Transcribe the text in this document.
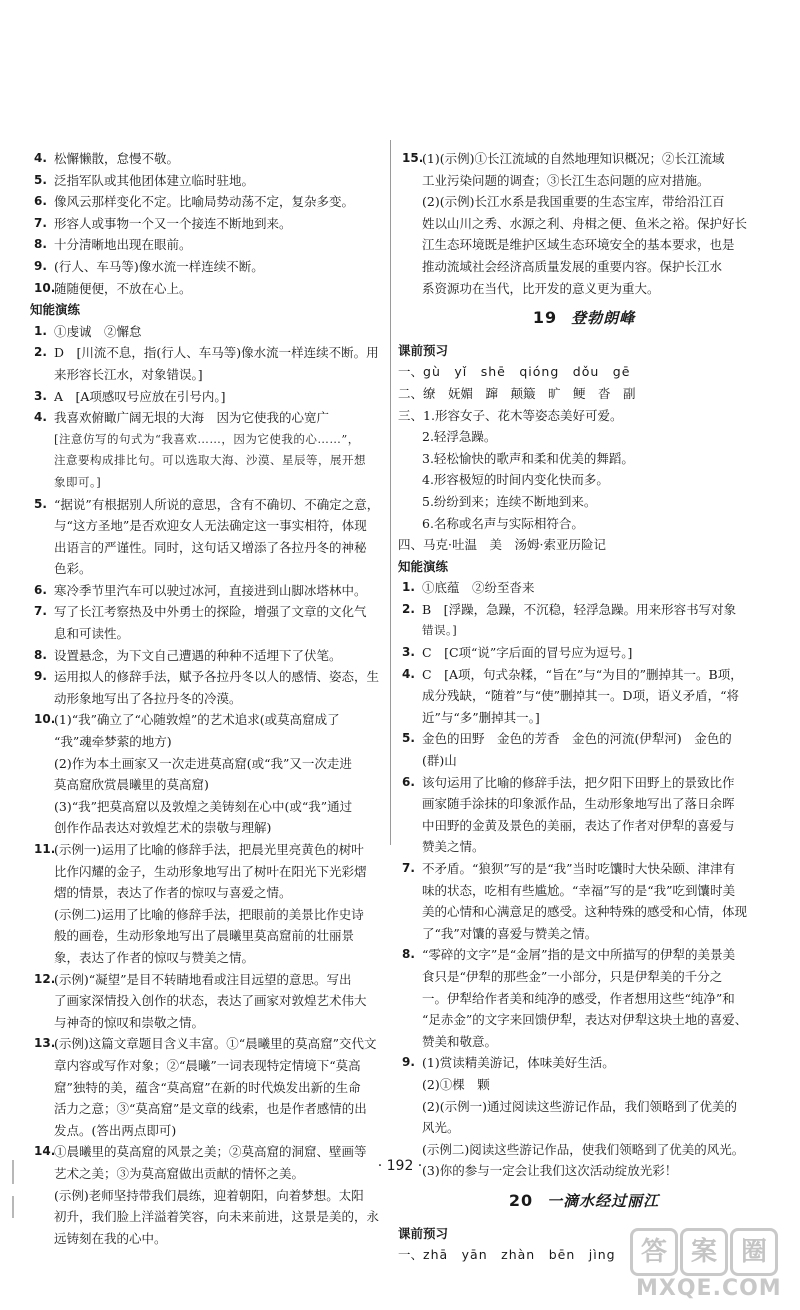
4. 松懈懒散，怠慢不敬。

5. 泛指军队或其他团体建立临时驻地。

6. 像风云那样变化不定。比喻局势动荡不定，复杂多变。

7. 形容人或事物一个又一个接连不断地到来。

8. 十分清晰地出现在眼前。

9. (行人、车马等)像水流一样连续不断。

10.

随随便便，不放在心上。

知能演练

1. ①虔诚　②懈怠

2. D　[川流不息，指(行人、车马等)像水流一样连续不断。用

来形容长江水，对象错误。]

3. A　[A项感叹号应放在引号内。]

4. 我喜欢俯瞰广阔无垠的大海　因为它使我的心宽广

[注意仿写的句式为“我喜欢……，因为它使我的心……”，

注意要构成排比句。可以选取大海、沙漠、星辰等，展开想

象即可。]

5. “据说”有根据别人所说的意思，含有不确切、不确定之意，

与“这方圣地”是否欢迎女人无法确定这一事实相符，体现

出语言的严谨性。同时，这句话又增添了各拉丹冬的神秘

色彩。

6. 寒冷季节里汽车可以驶过冰河，直接进到山脚冰塔林中。

7. 写了长江考察热及中外勇士的探险，增强了文章的文化气

息和可读性。

8. 设置悬念，为下文自己遭遇的种种不适埋下了伏笔。

9. 运用拟人的修辞手法，赋予各拉丹冬以人的感情、姿态，生

动形象地写出了各拉丹冬的冷漠。

10.

(1)“我”确立了“心随敦煌”的艺术追求(或莫高窟成了

“我”魂牵梦萦的地方)

(2)作为本土画家又一次走进莫高窟(或“我”又一次走进

莫高窟欣赏晨曦里的莫高窟)

(3)“我”把莫高窟以及敦煌之美铸刻在心中(或“我”通过

创作作品表达对敦煌艺术的崇敬与理解)

11.

(示例一)运用了比喻的修辞手法，把晨光里亮黄色的树叶

比作闪耀的金子，生动形象地写出了树叶在阳光下光彩熠

熠的情景，表达了作者的惊叹与喜爱之情。

(示例二)运用了比喻的修辞手法，把眼前的美景比作史诗

般的画卷，生动形象地写出了晨曦里莫高窟前的壮丽景

象，表达了作者的惊叹与赞美之情。

12.

(示例)“凝望”是目不转睛地看或注目远望的意思。写出

了画家深情投入创作的状态，表达了画家对敦煌艺术伟大

与神奇的惊叹和崇敬之情。

13.

(示例)这篇文章题目含义丰富。①“晨曦里的莫高窟”交代文

章内容或写作对象；②“晨曦”一词表现特定情境下“莫高

窟”独特的美，蕴含“莫高窟”在新的时代焕发出新的生命

活力之意；③“莫高窟”是文章的线索，也是作者感情的出

发点。(答出两点即可)

14.

①晨曦里的莫高窟的风景之美；②莫高窟的洞窟、壁画等

艺术之美；③为莫高窟做出贡献的情怀之美。

(示例)老师坚持带我们晨练，迎着朝阳，向着梦想。太阳

初升，我们脸上洋溢着笑容，向未来前进，这景是美的，永

远铸刻在我的心中。

15.

(1)(示例)①长江流域的自然地理知识概况；②长江流域

工业污染问题的调查；③长江生态问题的应对措施。

(2)(示例)长江水系是我国重要的生态宝库，带给沿江百

姓以山川之秀、水源之利、舟楫之便、鱼米之裕。保护好长

江生态环境既是维护区域生态环境安全的基本要求，也是

推动流域社会经济高质量发展的重要内容。保护长江水

系资源功在当代，比开发的意义更为重大。

19 登勃朗峰

课前预习

一、gù　yǐ　shē　qióng　dǒu　gē

二、缭　妩媚　蹿　颠簸　旷　鲠　沓　副

三、1.形容女子、花木等姿态美好可爱。

2.轻浮急躁。

3.轻松愉快的歌声和柔和优美的舞蹈。

4.形容极短的时间内变化快而多。

5.纷纷到来；连续不断地到来。

6.名称或名声与实际相符合。

四、马克·吐温　美　汤姆·索亚历险记

知能演练

1. ①底蕴　②纷至沓来

2. B　[浮躁，急躁，不沉稳，轻浮急躁。用来形容书写对象

错误。]

3. C　[C项“说”字后面的冒号应为逗号。]

4. C　[A项，句式杂糅，“旨在”与“为目的”删掉其一。B项，

成分残缺，“随着”与“使”删掉其一。D项，语义矛盾，“将

近”与“多”删掉其一。]

5. 金色的田野　金色的芳香　金色的河流(伊犁河)　金色的

(群)山

6. 该句运用了比喻的修辞手法，把夕阳下田野上的景致比作

画家随手涂抹的印象派作品，生动形象地写出了落日余晖

中田野的金黄及景色的美丽，表达了作者对伊犁的喜爱与

赞美之情。

7. 不矛盾。“狼狈”写的是“我”当时吃馕时大快朵颐、津津有

味的状态，吃相有些尴尬。“幸福”写的是“我”吃到馕时美

美的心情和心满意足的感受。这种特殊的感受和心情，体现

了“我”对馕的喜爱与赞美之情。

8. “零碎的文字”是“金屑”指的是文中所描写的伊犁的美景美

食只是“伊犁的那些金”一小部分，只是伊犁美的千分之

一。伊犁给作者美和纯净的感受，作者想用这些“纯净”和

“足赤金”的文字来回馈伊犁，表达对伊犁这块土地的喜爱、

赞美和敬意。

9. (1)赏读精美游记，体味美好生活。

(2)①棵　颗

(2)(示例一)通过阅读这些游记作品，我们领略到了优美的

风光。

(示例二)阅读这些游记作品，使我们领略到了优美的风光。

(3)你的参与一定会让我们这次活动绽放光彩！

20 一滴水经过丽江

课前预习

一、zhā　yān　zhàn　bēn　jìng

· 192 ·
答 案 圈
MXQE.COM
